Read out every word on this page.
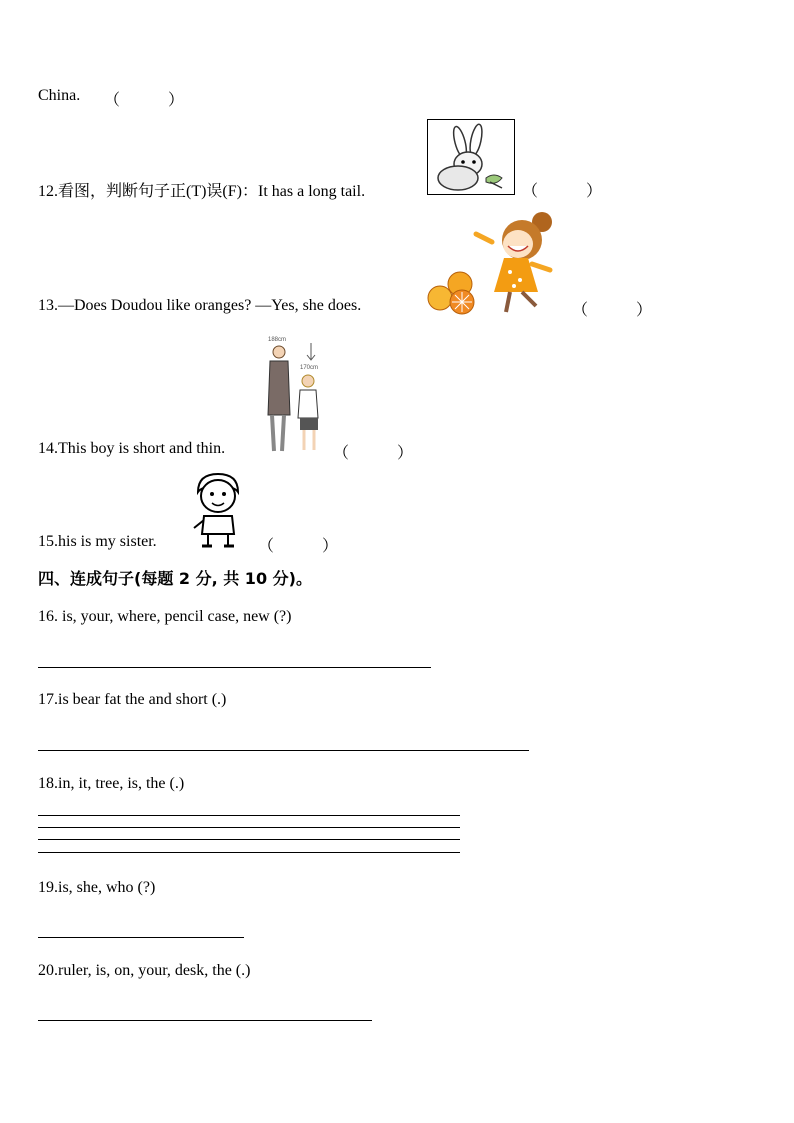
China. （　　　）
12.看图，判断句子正(T)误(F)：It has a long tail.	（　　　）
13.—Does Doudou like oranges? —Yes, she does.	（　　　）
14.This boy is short and thin.
188cm
170cm
（　　　）
15.his is my sister.	（　　　）
四、连成句子(每题 2 分, 共 10 分)。
16. is, your, where, pencil case, new (?)
17.is bear fat the and short (.)
18.in, it, tree, is, the (.)
19.is, she, who (?)
20.ruler, is, on, your, desk, the (.)
